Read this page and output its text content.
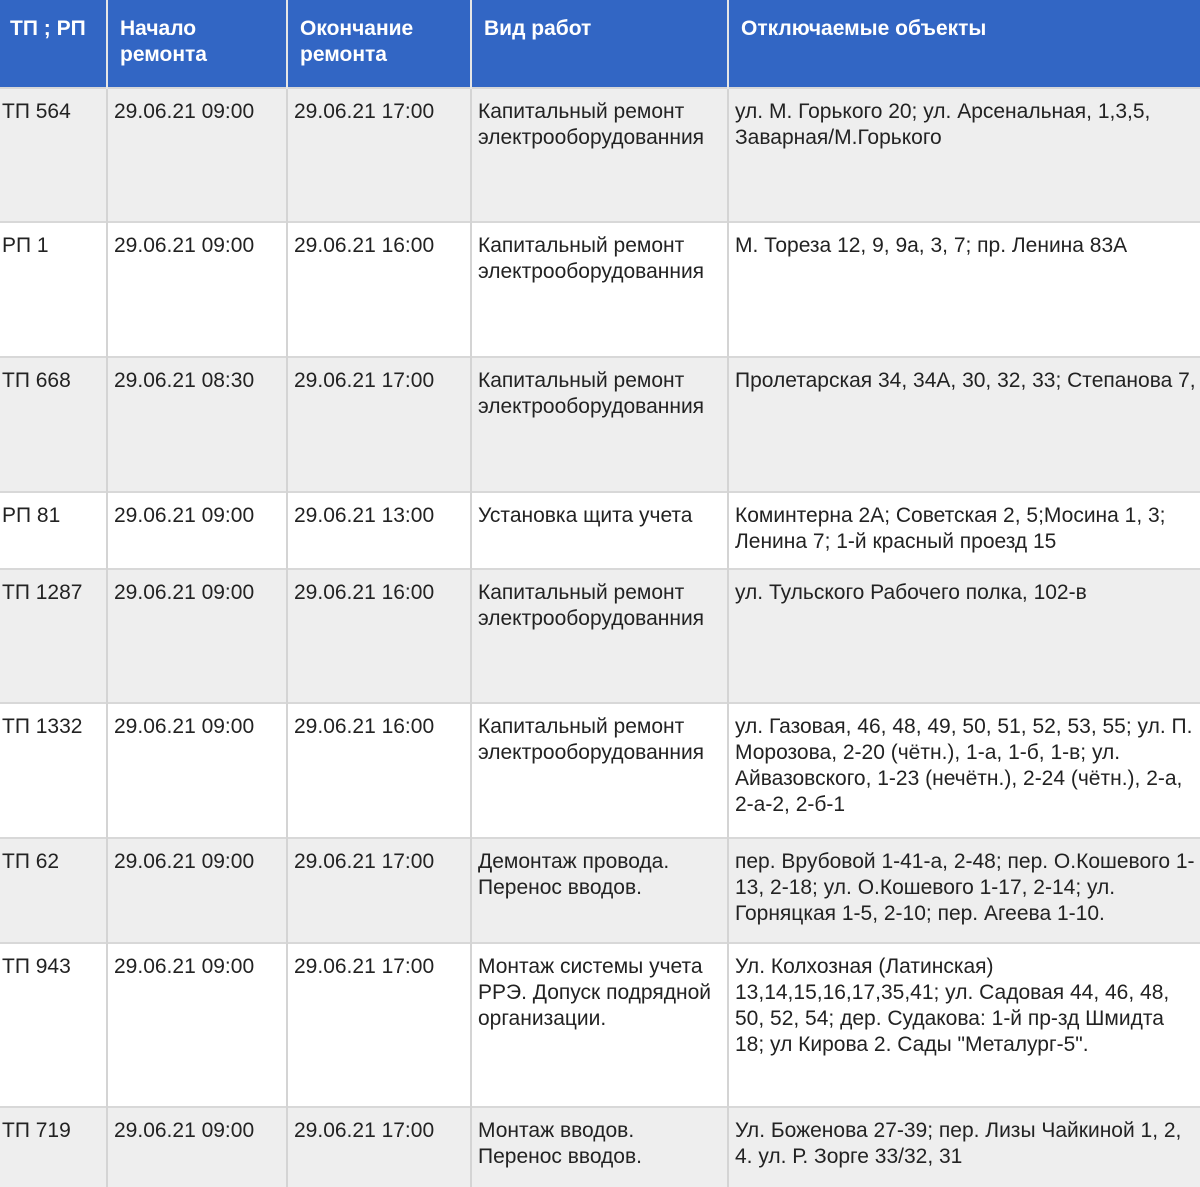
ТП ; РП	Начало ремонта	Окончание ремонта	Вид работ	Отключаемые объекты
ТП 564	29.06.21 09:00	29.06.21 17:00	Капитальный ремонт электрооборудованния	ул. М. Горького 20; ул. Арсенальная, 1,3,5, Заварная/М.Горького
РП 1	29.06.21 09:00	29.06.21 16:00	Капитальный ремонт электрооборудованния	М. Тореза 12, 9, 9а, 3, 7; пр. Ленина 83А
ТП 668	29.06.21 08:30	29.06.21 17:00	Капитальный ремонт электрооборудованния	Пролетарская 34, 34А, 30, 32, 33; Степанова 7,
РП 81	29.06.21 09:00	29.06.21 13:00	Установка щита учета	Коминтерна 2А; Советская 2, 5;Мосина 1, 3; Ленина 7; 1-й красный проезд 15
ТП 1287	29.06.21 09:00	29.06.21 16:00	Капитальный ремонт электрооборудованния	ул. Тульского Рабочего полка, 102-в
ТП 1332	29.06.21 09:00	29.06.21 16:00	Капитальный ремонт электрооборудованния	ул. Газовая, 46, 48, 49, 50, 51, 52, 53, 55; ул. П. Морозова, 2-20 (чётн.), 1-а, 1-б, 1-в; ул. Айвазовского, 1-23 (нечётн.), 2-24 (чётн.), 2-а, 2-а-2, 2-б-1
ТП 62	29.06.21 09:00	29.06.21 17:00	Демонтаж провода. Перенос вводов.	пер. Врубовой 1-41-а, 2-48; пер. О.Кошевого 1-13, 2-18; ул. О.Кошевого 1-17, 2-14; ул. Горняцкая 1-5, 2-10; пер. Агеева 1-10.
ТП 943	29.06.21 09:00	29.06.21 17:00	Монтаж системы учета РРЭ. Допуск подрядной организации.	Ул. Колхозная (Латинская) 13,14,15,16,17,35,41; ул. Садовая 44, 46, 48, 50, 52, 54; дер. Судакова: 1-й пр-зд Шмидта 18; ул Кирова 2. Сады "Металург-5".
ТП 719	29.06.21 09:00	29.06.21 17:00	Монтаж вводов. Перенос вводов.	Ул. Боженова 27-39; пер. Лизы Чайкиной 1, 2, 4. ул. Р. Зорге 33/32, 31
